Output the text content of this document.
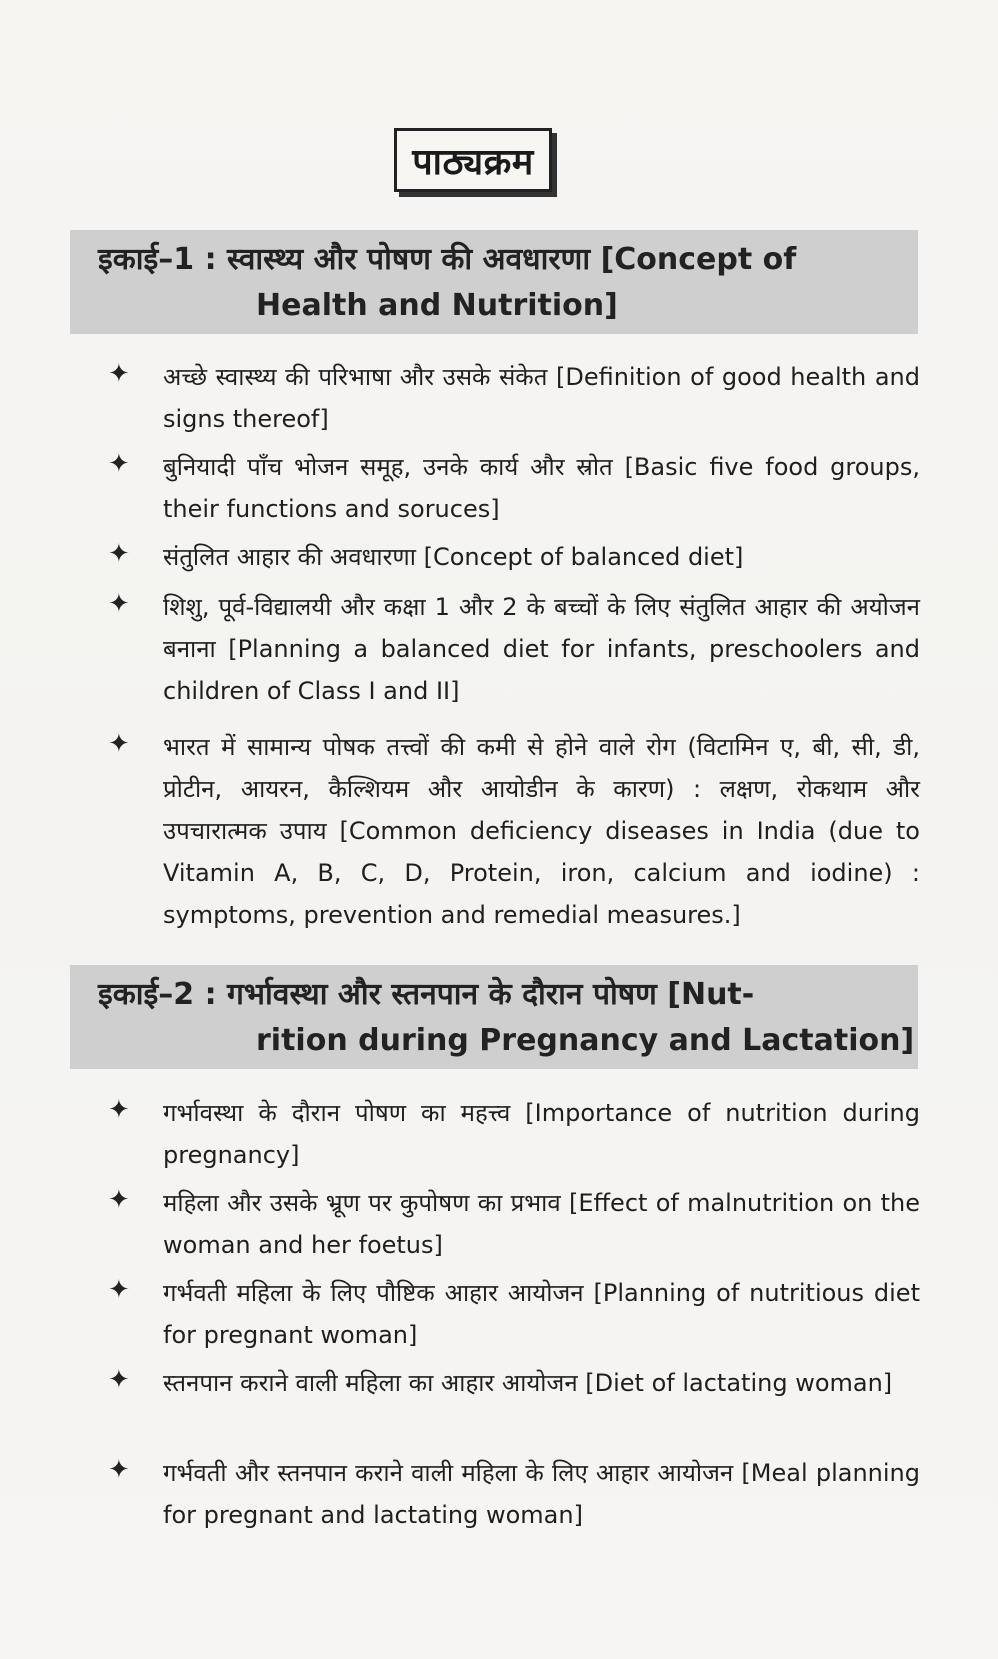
पाठ्यक्रम
इकाई–1 : स्वास्थ्य और पोषण की अवधारणा [Concept of
Health and Nutrition]
✦ अच्छे स्वास्थ्य की परिभाषा और उसके संकेत [Definition of good health and signs thereof]
✦ बुनियादी पाँच भोजन समूह, उनके कार्य और स्रोत [Basic five food groups, their functions and soruces]
✦ संतुलित आहार की अवधारणा [Concept of balanced diet]
✦ शिशु, पूर्व-विद्यालयी और कक्षा 1 और 2 के बच्चों के लिए संतुलित आहार की अयोजन बनाना [Planning a balanced diet for infants, preschoolers and children of Class I and II]
✦ भारत में सामान्य पोषक तत्त्वों की कमी से होने वाले रोग (विटामिन ए, बी, सी, डी, प्रोटीन, आयरन, कैल्शियम और आयोडीन के कारण) : लक्षण, रोकथाम और उपचारात्मक उपाय [Common deficiency diseases in India (due to Vitamin A, B, C, D, Protein, iron, calcium and iodine) : symptoms, prevention and remedial measures.]
इकाई–2 : गर्भावस्था और स्तनपान के दौरान पोषण [Nut-
rition during Pregnancy and Lactation]
✦ गर्भावस्था के दौरान पोषण का महत्त्व [Importance of nutrition during pregnancy]
✦ महिला और उसके भ्रूण पर कुपोषण का प्रभाव [Effect of malnutrition on the woman and her foetus]
✦ गर्भवती महिला के लिए पौष्टिक आहार आयोजन [Planning of nutritious diet for pregnant woman]
✦ स्तनपान कराने वाली महिला का आहार आयोजन [Diet of lactating woman]
✦ गर्भवती और स्तनपान कराने वाली महिला के लिए आहार आयोजन [Meal planning for pregnant and lactating woman]
